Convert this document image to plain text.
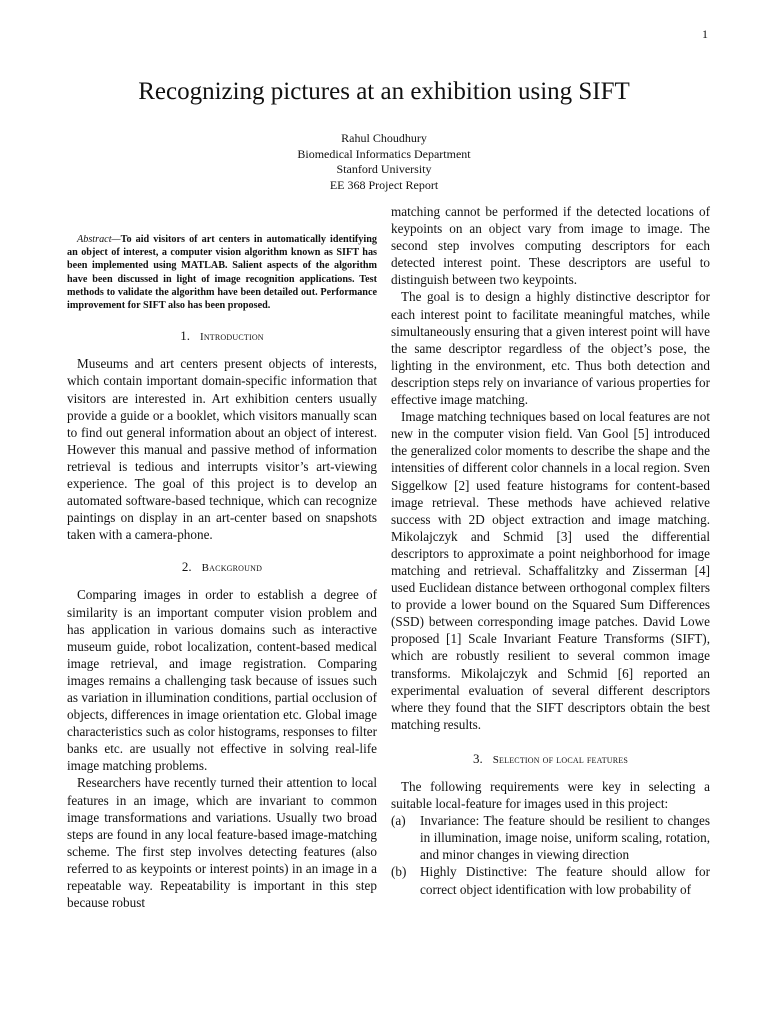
1
Recognizing pictures at an exhibition using SIFT
Rahul Choudhury
Biomedical Informatics Department
Stanford University
EE 368 Project Report

Abstract—To aid visitors of art centers in automatically identifying an object of interest, a computer vision algorithm known as SIFT has been implemented using MATLAB. Salient aspects of the algorithm have been discussed in light of image recognition applications. Test methods to validate the algorithm have been detailed out. Performance improvement for SIFT also has been proposed.

1. Introduction

Museums and art centers present objects of interests, which contain important domain-specific information that visitors are interested in. Art exhibition centers usually provide a guide or a booklet, which visitors manually scan to find out general information about an object of interest. However this manual and passive method of information retrieval is tedious and interrupts visitor’s art-viewing experience. The goal of this project is to develop an automated software-based technique, which can recognize paintings on display in an art-center based on snapshots taken with a camera-phone.

2. Background

Comparing images in order to establish a degree of similarity is an important computer vision problem and has application in various domains such as interactive museum guide, robot localization, content-based medical image retrieval, and image registration. Comparing images remains a challenging task because of issues such as variation in illumination conditions, partial occlusion of objects, differences in image orientation etc. Global image characteristics such as color histograms, responses to filter banks etc. are usually not effective in solving real-life image matching problems.

Researchers have recently turned their attention to local features in an image, which are invariant to common image transformations and variations. Usually two broad steps are found in any local feature-based image-matching scheme. The first step involves detecting features (also referred to as keypoints or interest points) in an image in a repeatable way. Repeatability is important in this step because robust

matching cannot be performed if the detected locations of keypoints on an object vary from image to image. The second step involves computing descriptors for each detected interest point. These descriptors are useful to distinguish between two keypoints.

The goal is to design a highly distinctive descriptor for each interest point to facilitate meaningful matches, while simultaneously ensuring that a given interest point will have the same descriptor regardless of the object’s pose, the lighting in the environment, etc. Thus both detection and description steps rely on invariance of various properties for effective image matching.

Image matching techniques based on local features are not new in the computer vision field. Van Gool [5] introduced the generalized color moments to describe the shape and the intensities of different color channels in a local region. Sven Siggelkow [2] used feature histograms for content-based image retrieval. These methods have achieved relative success with 2D object extraction and image matching. Mikolajczyk and Schmid [3] used the differential descriptors to approximate a point neighborhood for image matching and retrieval. Schaffalitzky and Zisserman [4] used Euclidean distance between orthogonal complex filters to provide a lower bound on the Squared Sum Differences (SSD) between corresponding image patches. David Lowe proposed [1] Scale Invariant Feature Transforms (SIFT), which are robustly resilient to several common image transforms. Mikolajczyk and Schmid [6] reported an experimental evaluation of several different descriptors where they found that the SIFT descriptors obtain the best matching results.

3. Selection of local features

The following requirements were key in selecting a suitable local-feature for images used in this project:

(a)	Invariance: The feature should be resilient to changes in illumination, image noise, uniform scaling, rotation, and minor changes in viewing direction
(b)	Highly Distinctive: The feature should allow for correct object identification with low probability of
